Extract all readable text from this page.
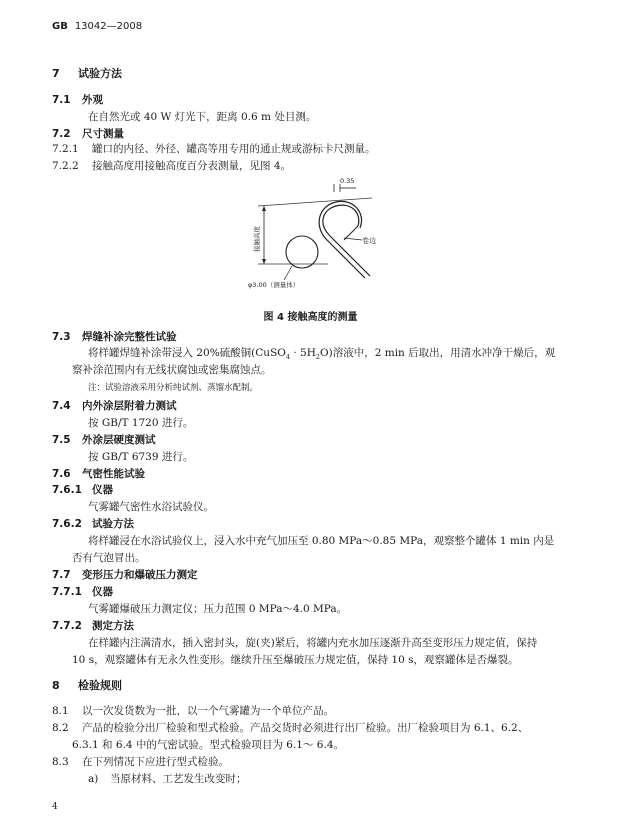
GB 13042—2008
7 试验方法
7.1 外观
在自然光或 40 W 灯光下，距离 0.6 m 处目测。
7.2 尺寸测量
7.2.1 罐口的内径、外径、罐高等用专用的通止规或游标卡尺测量。
7.2.2 接触高度用接触高度百分表测量，见图 4。
0.35
接触高度	卷边
φ3.00（测量体）
图 4 接触高度的测量
7.3 焊缝补涂完整性试验
将样罐焊缝补涂带浸入 20%硫酸铜(CuSO$_4$ · $5H_2O$)溶液中，2 min 后取出，用清水冲净干燥后，观
察补涂范围内有无线状腐蚀或密集腐蚀点。
注：试验溶液采用分析纯试剂、蒸馏水配制。
7.4 内外涂层附着力测试
按 GB/T 1720 进行。
7.5 外涂层硬度测试
按 GB/T 6739 进行。
7.6 气密性能试验
7.6.1 仪器
气雾罐气密性水浴试验仪。
7.6.2 试验方法
将样罐浸在水浴试验仪上，浸入水中充气加压至 0.80 MPa～0.85 MPa，观察整个罐体 1 min 内是
否有气泡冒出。
7.7 变形压力和爆破压力测定
7.7.1 仪器
气雾罐爆破压力测定仪；压力范围 0 MPa～4.0 MPa。
7.7.2 测定方法
在样罐内注满清水，插入密封头，旋(夹)紧后，将罐内充水加压逐渐升高至变形压力规定值，保持
10 s，观察罐体有无永久性变形。继续升压至爆破压力规定值，保持 10 s，观察罐体是否爆裂。
8 检验规则
8.1 以一次发货数为一批，以一个气雾罐为一个单位产品。
8.2 产品的检验分出厂检验和型式检验。产品交货时必须进行出厂检验。出厂检验项目为 6.1、6.2、
6.3.1 和 6.4 中的气密试验。型式检验项目为 6.1～ 6.4。
8.3 在下列情况下应进行型式检验。
a) 当原材料、工艺发生改变时；
4
